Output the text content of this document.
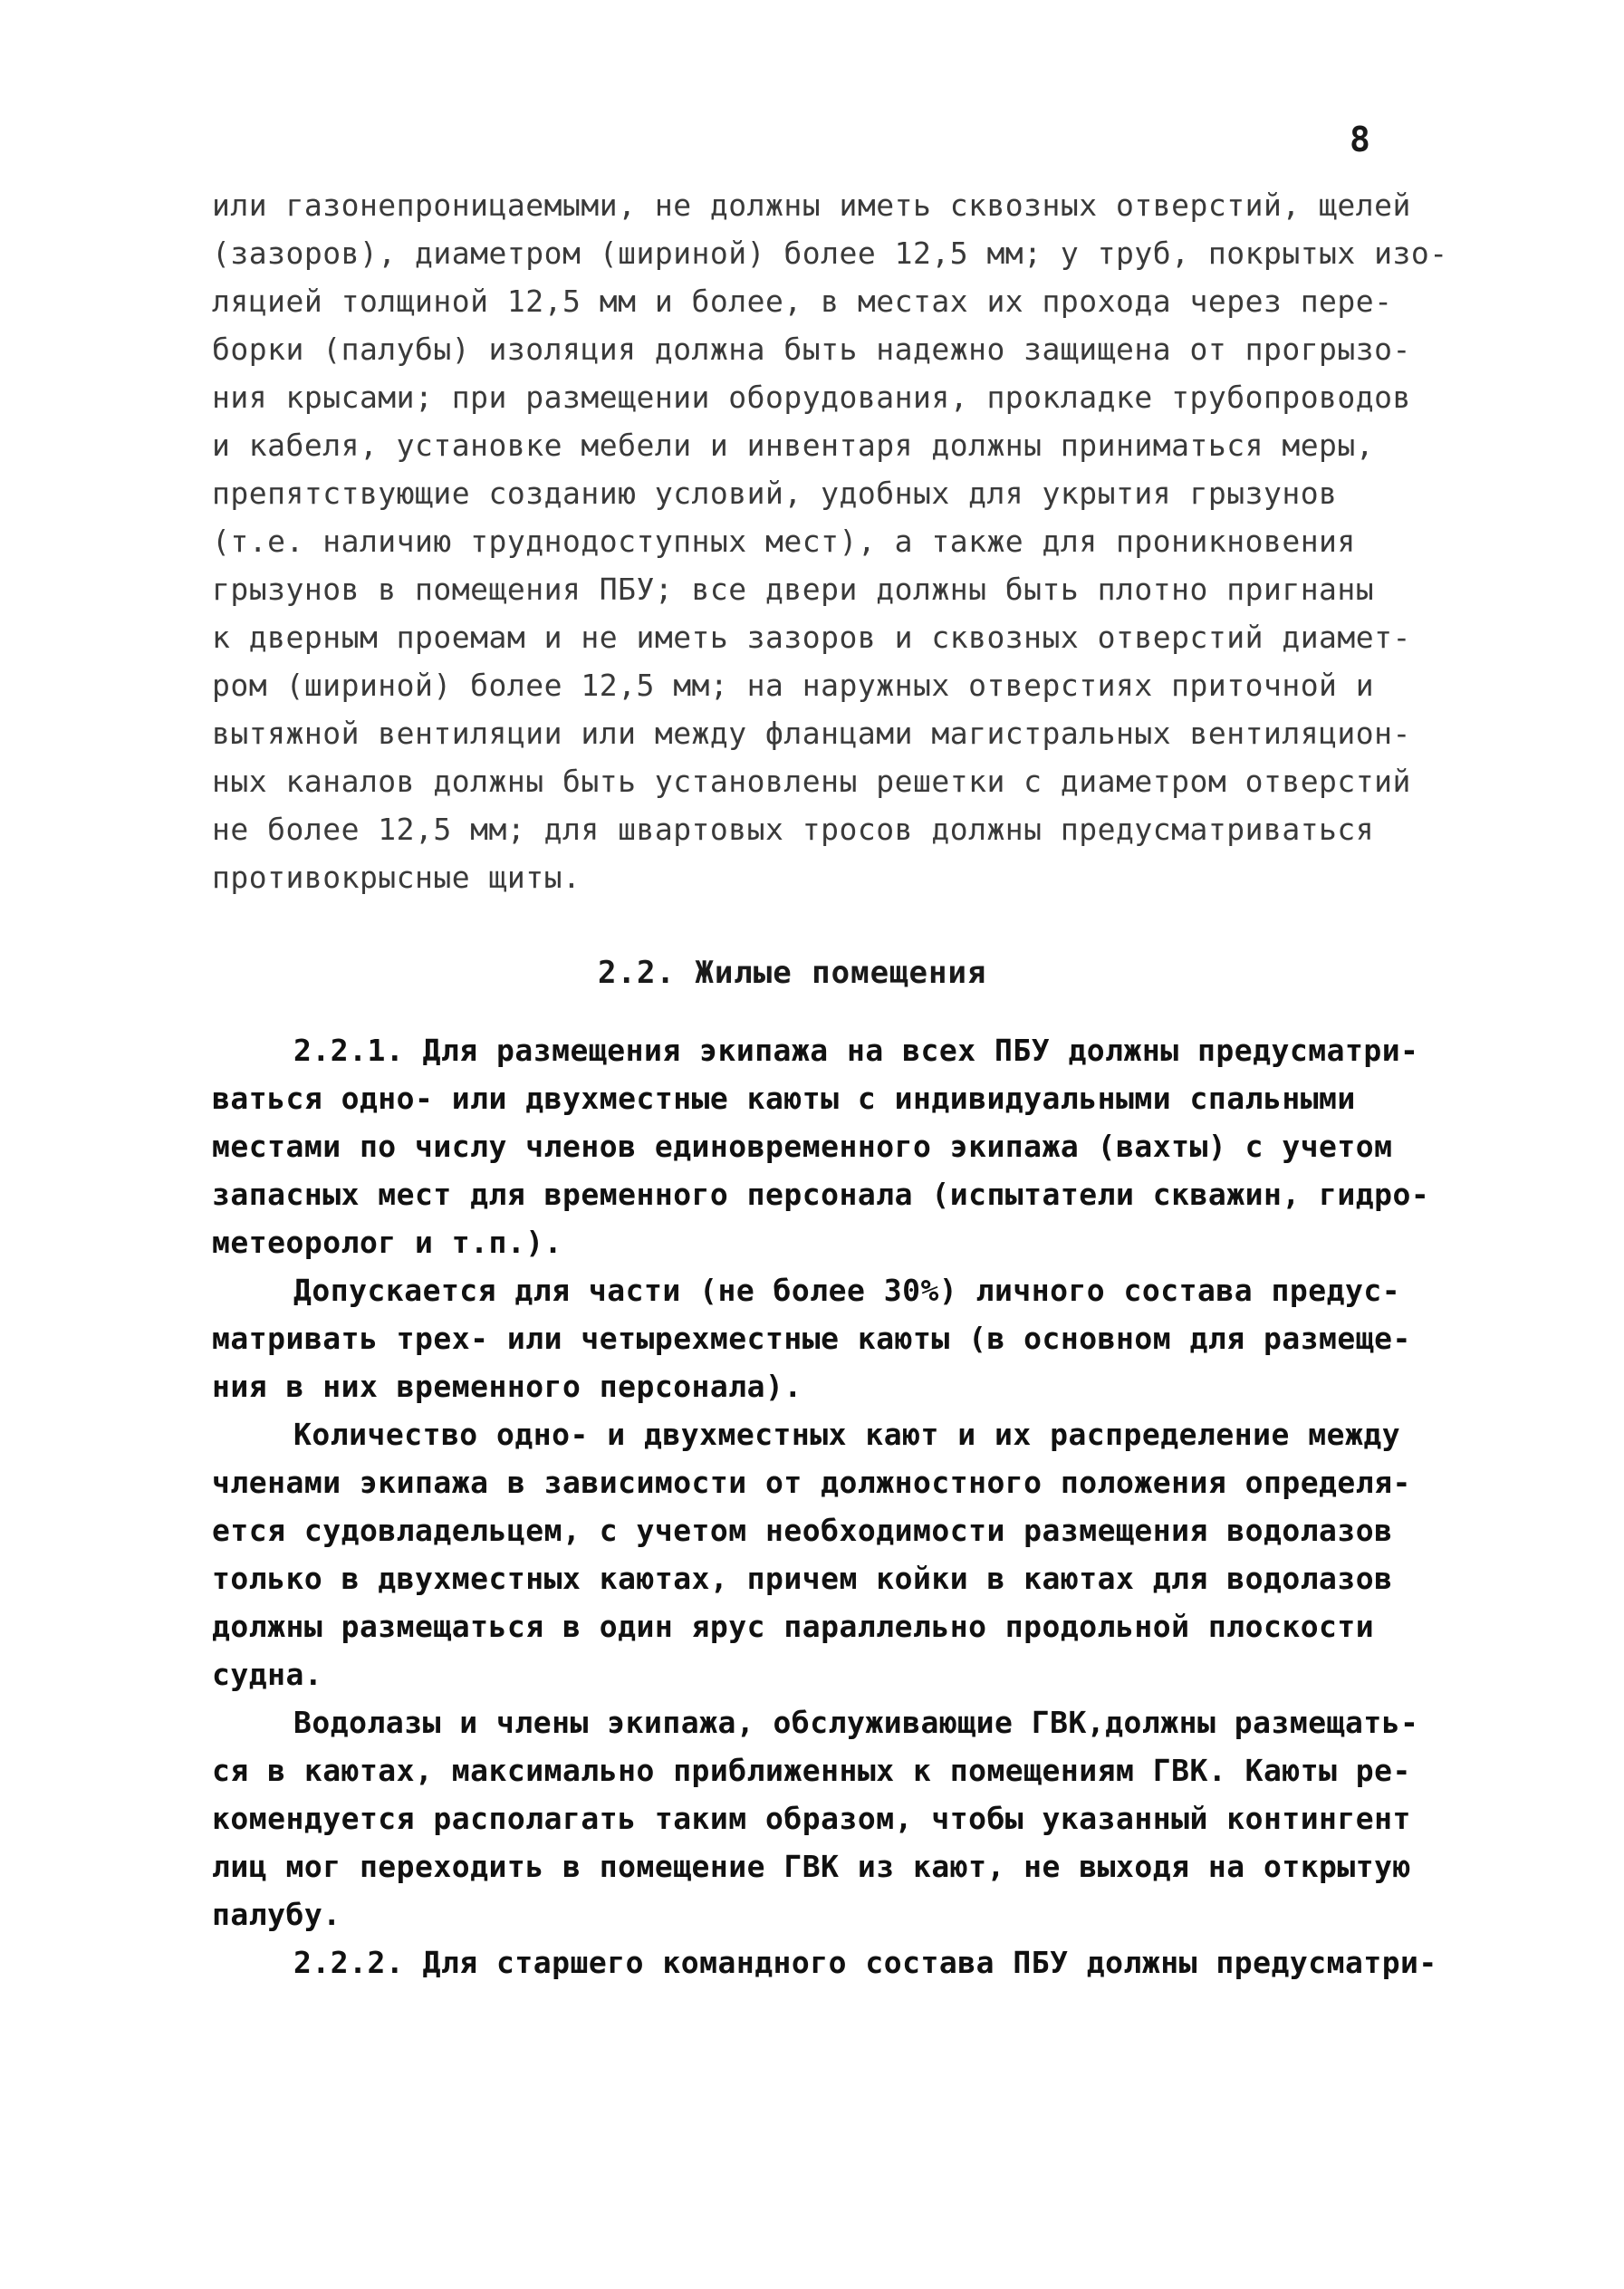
8
или газонепроницаемыми, не должны иметь сквозных отверстий, щелей
(зазоров), диаметром (шириной) более 12,5 мм; у труб, покрытых изо-
ляцией толщиной 12,5 мм и более, в местах их прохода через пере-
борки (палубы) изоляция должна быть надежно защищена от прогрызо-
ния крысами; при размещении оборудования, прокладке трубопроводов
и кабеля, установке мебели и инвентаря должны приниматься меры,
препятствующие созданию условий, удобных для укрытия грызунов
(т.е. наличию труднодоступных мест), а также для проникновения
грызунов в помещения ПБУ; все двери должны быть плотно пригнаны
к дверным проемам и не иметь зазоров и сквозных отверстий диамет-
ром (шириной) более 12,5 мм; на наружных отверстиях приточной и
вытяжной вентиляции или между фланцами магистральных вентиляцион-
ных каналов должны быть установлены решетки с диаметром отверстий
не более 12,5 мм; для швартовых тросов должны предусматриваться
противокрысные щиты.
2.2. Жилые помещения
2.2.1. Для размещения экипажа на всех ПБУ должны предусматри-
ваться одно- или двухместные каюты с индивидуальными спальными
местами по числу членов единовременного экипажа (вахты) с учетом
запасных мест для временного персонала (испытатели скважин, гидро-
метеоролог и т.п.).
Допускается для части (не более 30%) личного состава предус-
матривать трех- или четырехместные каюты (в основном для размеще-
ния в них временного персонала).
Количество одно- и двухместных кают и их распределение между
членами экипажа в зависимости от должностного положения определя-
ется судовладельцем, с учетом необходимости размещения водолазов
только в двухместных каютах, причем койки в каютах для водолазов
должны размещаться в один ярус параллельно продольной плоскости
судна.
Водолазы и члены экипажа, обслуживающие ГВК,должны размещать-
ся в каютах, максимально приближенных к помещениям ГВК. Каюты ре-
комендуется располагать таким образом, чтобы указанный контингент
лиц мог переходить в помещение ГВК из кают, не выходя на открытую
палубу.
2.2.2. Для старшего командного состава ПБУ должны предусматри-
